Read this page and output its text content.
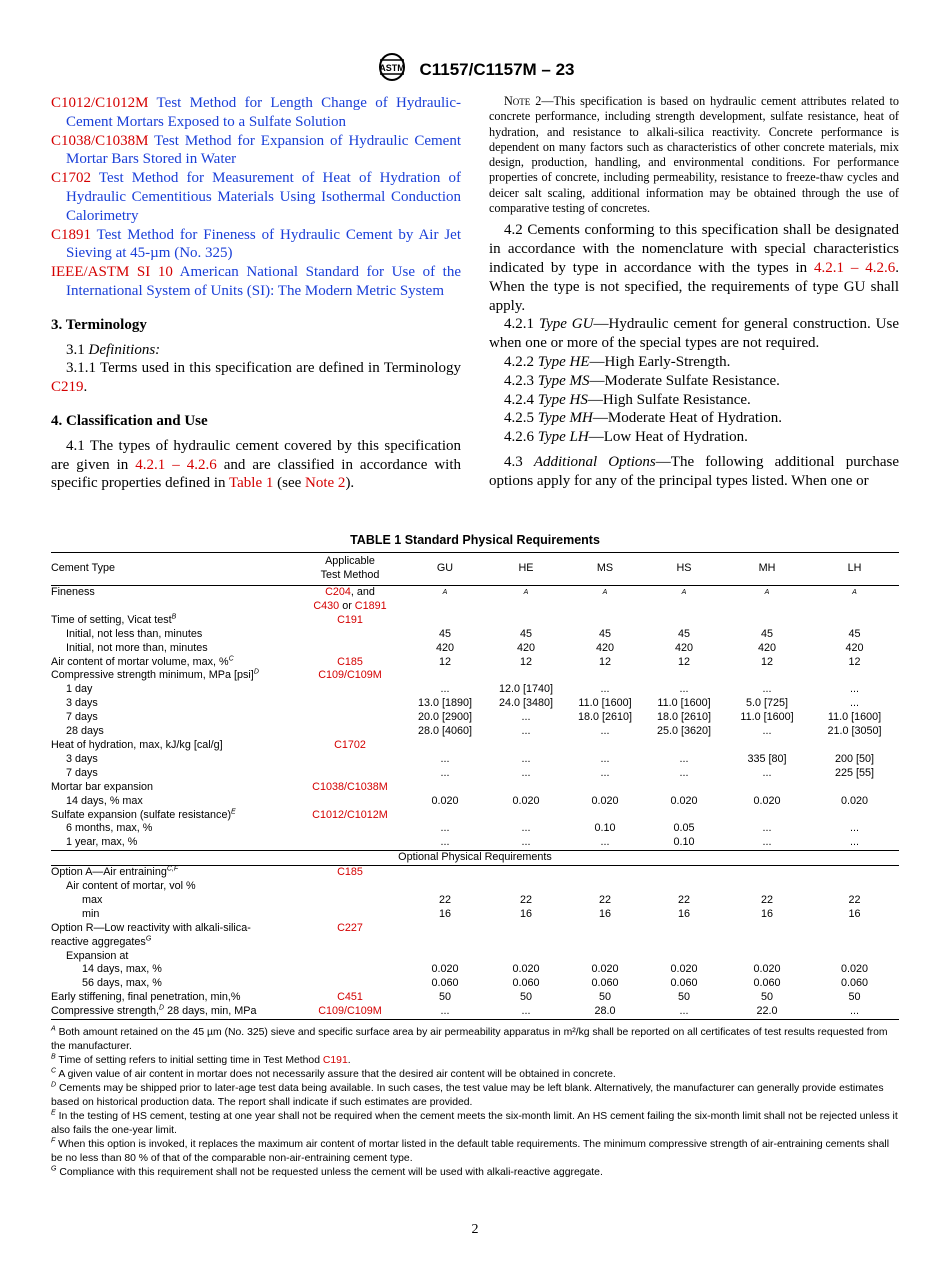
ASTM C1157/C1157M – 23

C1012/C1012M Test Method for Length Change of Hydraulic-Cement Mortars Exposed to a Sulfate Solution

C1038/C1038M Test Method for Expansion of Hydraulic Cement Mortar Bars Stored in Water

C1702 Test Method for Measurement of Heat of Hydration of Hydraulic Cementitious Materials Using Isothermal Conduction Calorimetry

C1891 Test Method for Fineness of Hydraulic Cement by Air Jet Sieving at 45-µm (No. 325)

IEEE/ASTM SI 10 American National Standard for Use of the International System of Units (SI): The Modern Metric System

3. Terminology

3.1 Definitions:

3.1.1 Terms used in this specification are defined in Terminology C219.

4. Classification and Use

4.1 The types of hydraulic cement covered by this specification are given in 4.2.1 – 4.2.6 and are classified in accordance with specific properties defined in Table 1 (see Note 2).

Note 2—This specification is based on hydraulic cement attributes related to concrete performance, including strength development, sulfate resistance, heat of hydration, and resistance to alkali-silica reactivity. Concrete performance is dependent on many factors such as characteristics of other concrete materials, mix design, production, handling, and environmental conditions. For performance properties of concrete, including permeability, resistance to freeze-thaw cycles and deicer salt scaling, additional information may be obtained through the use of comparative testing of concretes.

4.2 Cements conforming to this specification shall be designated in accordance with the nomenclature with special characteristics indicated by type in accordance with the types in 4.2.1 – 4.2.6. When the type is not specified, the requirements of type GU shall apply.

4.2.1 Type GU—Hydraulic cement for general construction. Use when one or more of the special types are not required.

4.2.2 Type HE—High Early-Strength.

4.2.3 Type MS—Moderate Sulfate Resistance.

4.2.4 Type HS—High Sulfate Resistance.

4.2.5 Type MH—Moderate Heat of Hydration.

4.2.6 Type LH—Low Heat of Hydration.

4.3 Additional Options—The following additional purchase options apply for any of the principal types listed. When one or

TABLE 1 Standard Physical Requirements
Cement Type	Applicable
Test Method	GU	HE	MS	HS	MH	LH
Fineness	C204, and	A	A	A	A	A	A
	C430 or C1891						
Time of setting, Vicat test$^B$	C191						
Initial, not less than, minutes		45	45	45	45	45	45
Initial, not more than, minutes		420	420	420	420	420	420
Air content of mortar volume, max, %$^C$	C185	12	12	12	12	12	12
Compressive strength minimum, MPa [psi]$^D$	C109/C109M						
1 day		...	12.0 [1740]	...	...	...	...
3 days		13.0 [1890]	24.0 [3480]	11.0 [1600]	11.0 [1600]	5.0 [725]	...
7 days		20.0 [2900]	...	18.0 [2610]	18.0 [2610]	11.0 [1600]	11.0 [1600]
28 days		28.0 [4060]	...	...	25.0 [3620]	...	21.0 [3050]
Heat of hydration, max, kJ/kg [cal/g]	C1702						
3 days		...	...	...	...	335 [80]	200 [50]
7 days		...	...	...	...	...	225 [55]
Mortar bar expansion	C1038/C1038M						
14 days, % max		0.020	0.020	0.020	0.020	0.020	0.020
Sulfate expansion (sulfate resistance)$^E$	C1012/C1012M						
6 months, max, %		...	...	0.10	0.05	...	...
1 year, max, %		...	...	...	0.10	...	...
Optional Physical Requirements							
Option A—Air entraining$^{C,F}$	C185						
Air content of mortar, vol %							
max		22	22	22	22	22	22
min		16	16	16	16	16	16
Option R—Low reactivity with alkali-silica-	C227						
reactive aggregates$^G$							
Expansion at							
14 days, max, %		0.020	0.020	0.020	0.020	0.020	0.020
56 days, max, %		0.060	0.060	0.060	0.060	0.060	0.060
Early stiffening, final penetration, min,%	C451	50	50	50	50	50	50
Compressive strength,$^D$ 28 days, min, MPa	C109/C109M	...	...	28.0	...	22.0	...

$^A$ Both amount retained on the 45 µm (No. 325) sieve and specific surface area by air permeability apparatus in m²/kg shall be reported on all certificates of test results requested from the manufacturer.

$^B$ Time of setting refers to initial setting time in Test Method C191.

$^C$ A given value of air content in mortar does not necessarily assure that the desired air content will be obtained in concrete.

$^D$ Cements may be shipped prior to later-age test data being available. In such cases, the test value may be left blank. Alternatively, the manufacturer can generally provide estimates based on historical production data. The report shall indicate if such estimates are provided.

$^E$ In the testing of HS cement, testing at one year shall not be required when the cement meets the six-month limit. An HS cement failing the six-month limit shall not be rejected unless it also fails the one-year limit.

$^F$ When this option is invoked, it replaces the maximum air content of mortar listed in the default table requirements. The minimum compressive strength of air-entraining cements shall be no less than 80 % of that of the comparable non-air-entraining cement type.

$^G$ Compliance with this requirement shall not be requested unless the cement will be used with alkali-reactive aggregate.

2
